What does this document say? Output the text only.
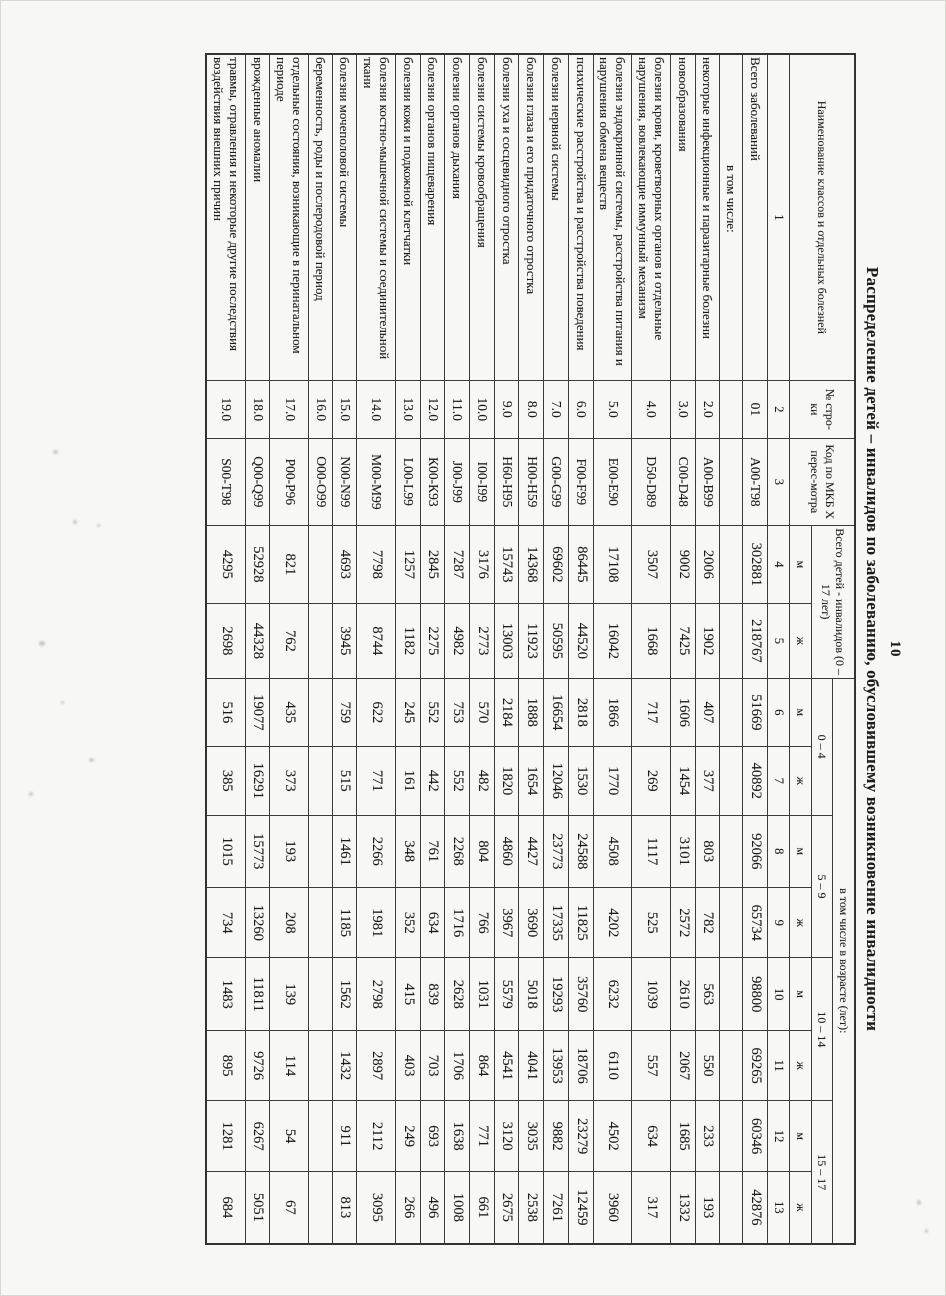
10
Распределение детей – инвалидов по заболеванию, обусловившему возникновение инвалидности
Наименование классов и отдельных болезней	№ стро-ки	Код по МКБ Х перес-мотра	Всего детей - инвалидов (0 – 17 лет)		в том числе в возрасте (лет):							
					0 – 4		5 – 9		10 – 14		15 – 17	
			м	ж	м	ж	м	ж	м	ж	м	ж
1	2	3	4	5	6	7	8	9	10	11	12	13
Всего заболеваний	01	А00-Т98	302881	218767	51669	40892	92066	65734	98800	69265	60346	42876
в том числе:												
некоторые инфекционные и паразитарные болезни	2.0	А00-В99	2006	1902	407	377	803	782	563	550	233	193
новообразования	3.0	С00-D48	9002	7425	1606	1454	3101	2572	2610	2067	1685	1332
болезни крови, кроветворных органов и отдельные нарушения, вовлекающие иммунный механизм	4.0	D50-D89	3507	1668	717	269	1117	525	1039	557	634	317
болезни эндокринной системы, расстройства питания и нарушения обмена веществ	5.0	Е00-Е90	17108	16042	1866	1770	4508	4202	6232	6110	4502	3960
психические расстройства и расстройства поведения	6.0	F00-F99	86445	44520	2818	1530	24588	11825	35760	18706	23279	12459
болезни нервной системы	7.0	G00-G99	69602	50595	16654	12046	23773	17335	19293	13953	9882	7261
болезни глаза и его придаточного отростка	8.0	Н00-Н59	14368	11923	1888	1654	4427	3690	5018	4041	3035	2538
болезни уха и сосцевидного отростка	9.0	Н60-Н95	15743	13003	2184	1820	4860	3967	5579	4541	3120	2675
болезни системы кровообращения	10.0	I00-I99	3176	2773	570	482	804	766	1031	864	771	661
болезни органов дыхания	11.0	J00-J99	7287	4982	753	552	2268	1716	2628	1706	1638	1008
болезни органов пищеварения	12.0	К00-К93	2845	2275	552	442	761	634	839	703	693	496
болезни кожи и подкожной клетчатки	13.0	L00-L99	1257	1182	245	161	348	352	415	403	249	266
болезни костно-мышечной системы и соединительной ткани	14.0	М00-М99	7798	8744	622	771	2266	1981	2798	2897	2112	3095
болезни мочеполовой системы	15.0	N00-N99	4693	3945	759	515	1461	1185	1562	1432	911	813
беременность, роды и послеродовой период	16.0	О00-О99										
отдельные состояния, возникающие в перинатальном периоде	17.0	Р00-Р96	821	762	435	373	193	208	139	114	54	67
врожденные аномалии	18.0	Q00-Q99	52928	44328	19077	16291	15773	13260	11811	9726	6267	5051
травмы, отравления и некоторые другие последствия воздействия внешних причин	19.0	S00-Т98	4295	2698	516	385	1015	734	1483	895	1281	684
